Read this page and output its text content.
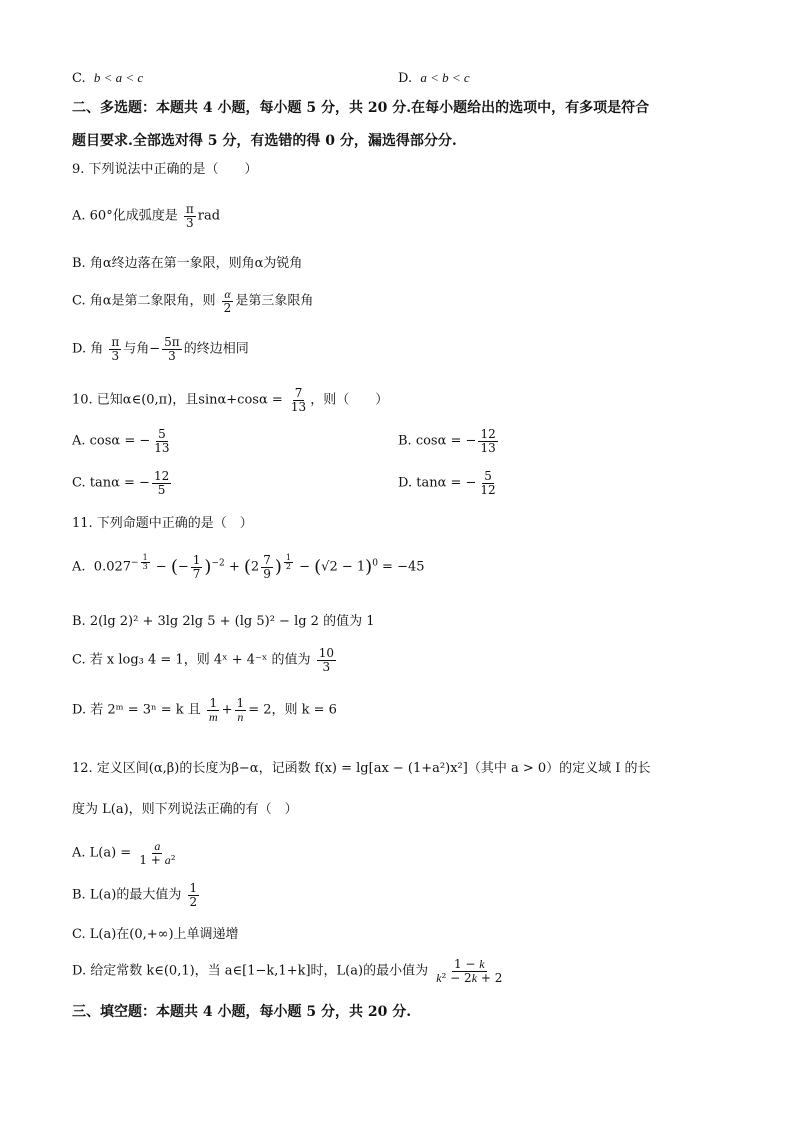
C. b < a < c	D. a < b < c
二、多选题：本题共 4 小题，每小题 5 分，共 20 分.在每小题给出的选项中，有多项是符合
题目要求.全部选对得 5 分，有选错的得 0 分，漏选得部分分.
9. 下列说法中正确的是（　　）
A. 60°化成弧度是 $\frac{\pi}{3}$ rad
B. 角α终边落在第一象限，则角α为锐角
C. 角α是第二象限角，则 $\frac{\alpha}{2}$ 是第三象限角
D. 角 $\frac{\pi}{3}$ 与角− $\frac{5\pi}{3}$ 的终边相同
10. 已知α∈(0,π)，且$\sin\alpha+\cos\alpha = \frac{7}{13}$ ，则（　　）
A. cosα = − $\frac{5}{13}$	B. cosα = − $\frac{12}{13}$
C. tanα = − $\frac{12}{5}$	D. tanα = − $\frac{5}{12}$
11. 下列命题中正确的是（　）
A.  $0.027^{- \frac{1}{3}}$ − (− $\frac{1}{7} )^{-2} + (2 \frac{7}{9}$ ) $^{\frac{1}{2}} - (√2 - 1)^0 = -45$
B. 2(lg 2)² + 3lg 2lg 5 + (lg 5)² − lg 2 的值为 1
C. 若 x log₃ 4 = 1，则 4ˣ + 4⁻ˣ 的值为 $\frac{10}{3}$
D. 若 2ᵐ = 3ⁿ = k 且 $\frac{1}{m} + \frac{1}{n} = 2$，则 k = 6
12. 定义区间(α,β)的长度为β−α，记函数 f(x) = lg[ax − (1+a²)x²]（其中 a > 0）的定义域 I 的长
度为 L(a)，则下列说法正确的有（　）
A. $L(a) = \frac{a}{\text{1 + a²}}$
B. L(a)的最大值为 $\frac{1}{2}$
C. L(a)在(0,+∞)上单调递增
D. 给定常数 k∈(0,1)，当 a∈[1−k,1+k]时，L(a)的最小值为 $\frac{1 - k}{\text{k² − 2k + 2}}$
三、填空题：本题共 4 小题，每小题 5 分，共 20 分.
